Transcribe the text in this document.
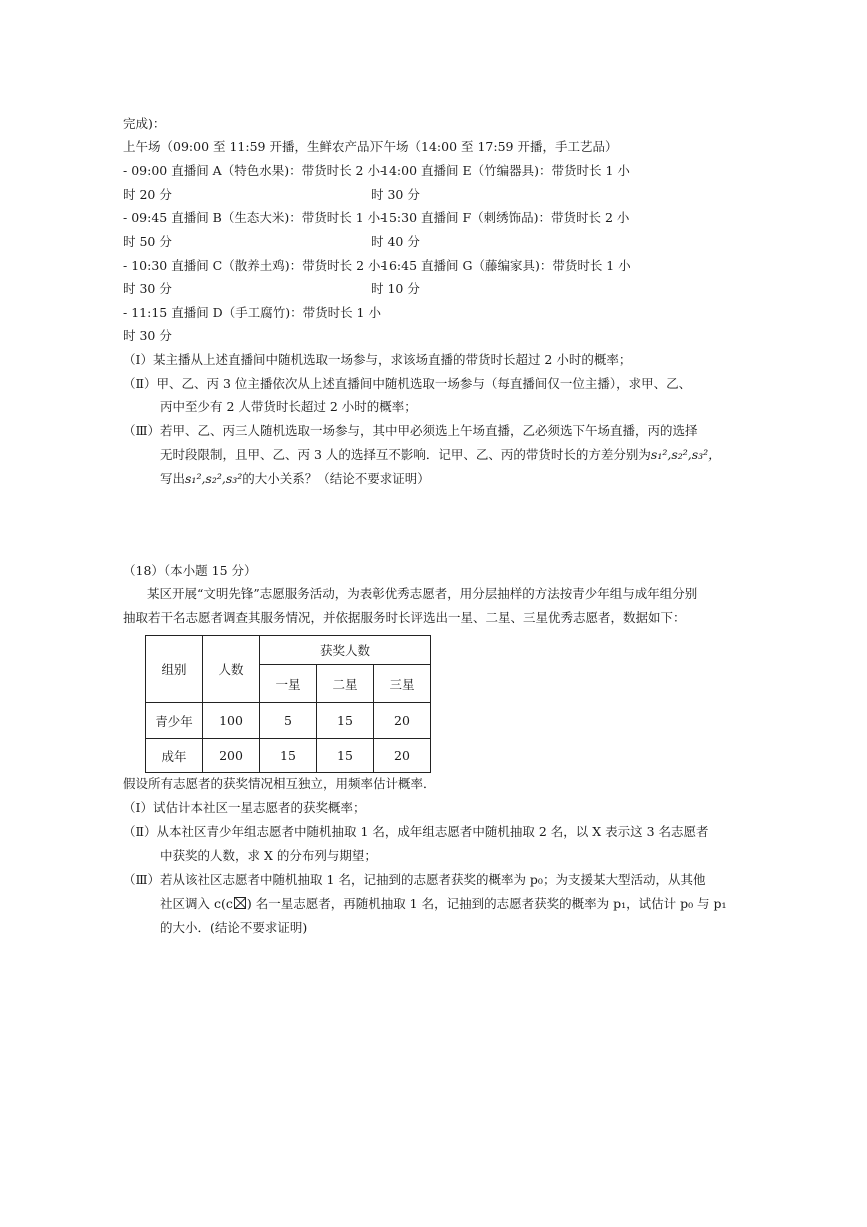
完成)：
上午场（09:00 至 11:59 开播，生鲜农产品）
下午场（14:00 至 17:59 开播，手工艺品）
- 09:00 直播间 A（特色水果)：带货时长 2 小-
14:00 直播间 E（竹编器具)：带货时长 1 小
时 20 分	时 30 分
- 09:45 直播间 B（生态大米)：带货时长 1 小-
15:30 直播间 F（刺绣饰品)：带货时长 2 小
时 50 分	时 40 分
- 10:30 直播间 C（散养土鸡)：带货时长 2 小-
16:45 直播间 G（藤编家具)：带货时长 1 小
时 30 分	时 10 分
- 11:15 直播间 D（手工腐竹)：带货时长 1 小
时 30 分
（Ⅰ）某主播从上述直播间中随机选取一场参与，求该场直播的带货时长超过 2 小时的概率；
（Ⅱ）甲、乙、丙 3 位主播依次从上述直播间中随机选取一场参与（每直播间仅一位主播），求甲、乙、
丙中至少有 2 人带货时长超过 2 小时的概率；
（Ⅲ）若甲、乙、丙三人随机选取一场参与，其中甲必须选上午场直播，乙必须选下午场直播，丙的选择
无时段限制，且甲、乙、丙 3 人的选择互不影响．记甲、乙、丙的带货时长的方差分别为s₁²,s₂²,s₃²，
写出s₁²,s₂²,s₃²的大小关系？（结论不要求证明）
（18）（本小题 15 分）
某区开展“文明先锋”志愿服务活动，为表彰优秀志愿者，用分层抽样的方法按青少年组与成年组分别
抽取若干名志愿者调查其服务情况，并依据服务时长评选出一星、二星、三星优秀志愿者，数据如下：
组别	人数	获奖人数		
		一星	二星	三星
青少年	100	5	15	20
成年	200	15	15	20
假设所有志愿者的获奖情况相互独立，用频率估计概率．
（Ⅰ）试估计本社区一星志愿者的获奖概率；
（Ⅱ）从本社区青少年组志愿者中随机抽取 1 名，成年组志愿者中随机抽取 2 名，以 X 表示这 3 名志愿者
中获奖的人数，求 X 的分布列与期望；
（Ⅲ）若从该社区志愿者中随机抽取 1 名，记抽到的志愿者获奖的概率为 p₀；为支援某大型活动，从其他
社区调入 c(c ) 名一星志愿者，再随机抽取 1 名，记抽到的志愿者获奖的概率为 p₁，试估计 p₀ 与 p₁
的大小．(结论不要求证明)
